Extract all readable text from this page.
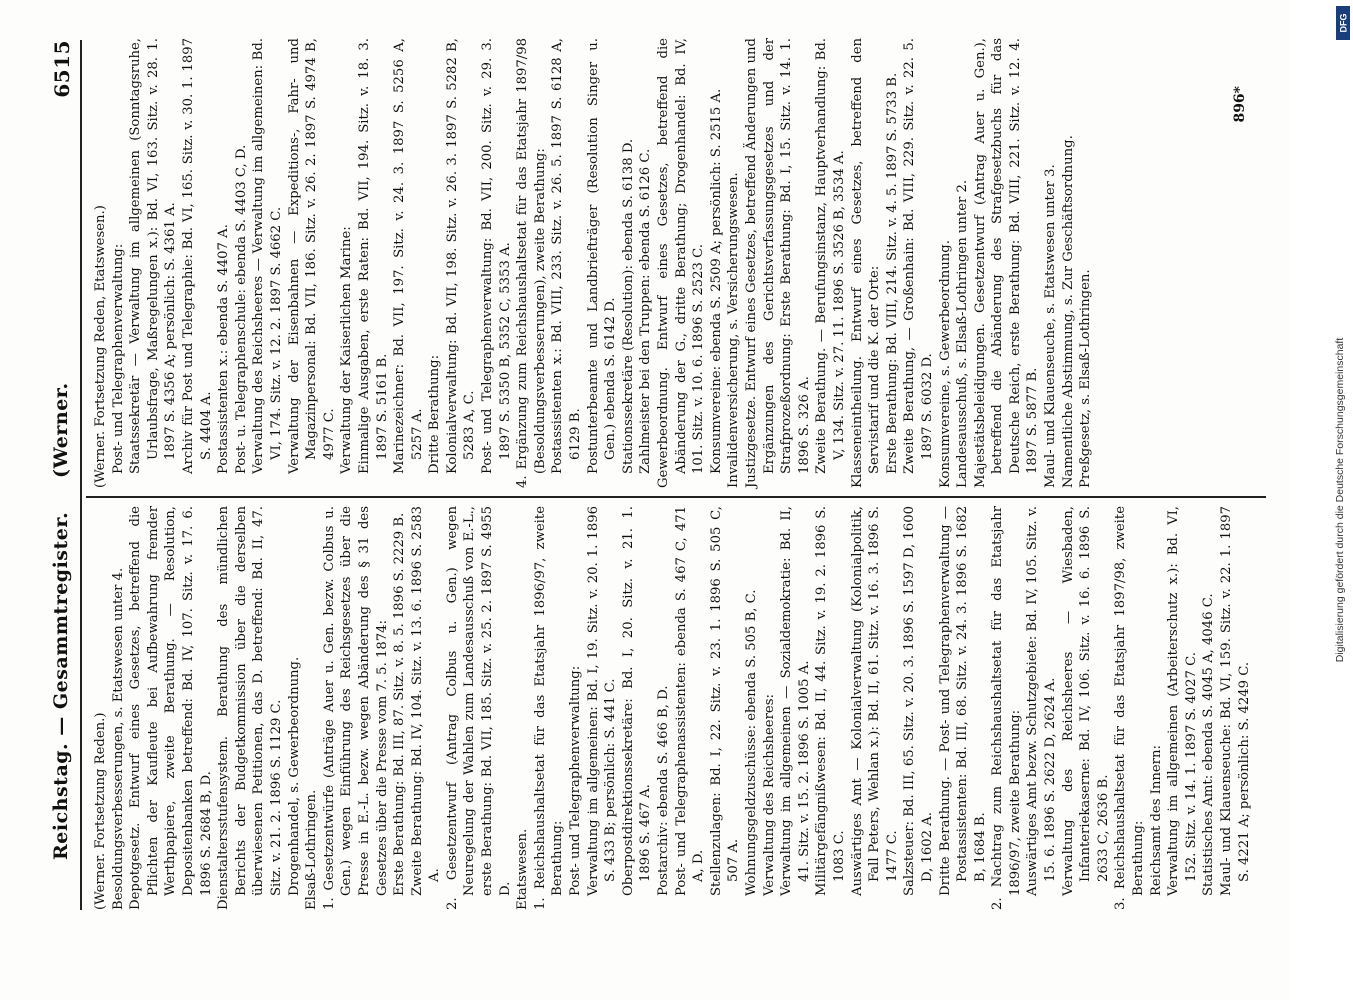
Reichstag. — Gesammtregister.
(Werner.
6515

(Werner. Fortsetzung Reden.) Besoldungsverbesserungen, s. Etatswesen unter 4. Depotgesetz. Entwurf eines Gesetzes, betreffend die Pflichten der Kaufleute bei Aufbewahrung fremder Werthpapiere, zweite Berathung. — Resolution, Depositenbanken betreffend: Bd. IV, 107. Sitz. v. 17. 6. 1896 S. 2684 B, D. Dienstaltersstufensystem. Berathung des mündlichen Berichts der Budgetkommission über die derselben überwiesenen Petitionen, das D. betreffend: Bd. II, 47. Sitz. v. 21. 2. 1896 S. 1129 C. Drogenhandel, s. Gewerbeordnung. Elsaß-Lothringen. 1. Gesetzentwürfe (Anträge Auer u. Gen. bezw. Colbus u. Gen.) wegen Einführung des Reichsgesetzes über die Presse in E.-L. bezw. wegen Abänderung des § 31 des Gesetzes über die Presse vom 7. 5. 1874: Erste Berathung: Bd. III, 87. Sitz. v. 8. 5. 1896 S. 2229 B. Zweite Berathung: Bd. IV, 104. Sitz. v. 13. 6. 1896 S. 2583 A. 2. Gesetzentwurf (Antrag Colbus u. Gen.) wegen Neuregelung der Wahlen zum Landesausschuß von E.-L., erste Berathung: Bd. VII, 185. Sitz. v. 25. 2. 1897 S. 4955 D. Etatswesen. 1. Reichshaushaltsetat für das Etatsjahr 1896/97, zweite Berathung: Post- und Telegraphenverwaltung: Verwaltung im allgemeinen: Bd. I, 19. Sitz. v. 20. 1. 1896 S. 433 B; persönlich: S. 441 C. Oberpostdirektionssekretäre: Bd. I, 20. Sitz. v. 21. 1. 1896 S. 467 A. Postarchiv: ebenda S. 466 B, D. Post- und Telegraphenassistenten: ebenda S. 467 C, 471 A, D. Stellenzulagen: Bd. I, 22. Sitz. v. 23. 1. 1896 S. 505 C, 507 A. Wohnungsgeldzuschüsse: ebenda S. 505 B, C. Verwaltung des Reichsheeres: Verwaltung im allgemeinen — Sozialdemokratie: Bd. II, 41. Sitz. v. 15. 2. 1896 S. 1005 A. Militärgefängnißwesen: Bd. II, 44. Sitz. v. 19. 2. 1896 S. 1083 C. Auswärtiges Amt — Kolonialverwaltung (Kolonialpolitik, Fall Peters, Wehlan x.): Bd. II, 61. Sitz. v. 16. 3. 1896 S. 1477 C. Salzsteuer: Bd. III, 65. Sitz. v. 20. 3. 1896 S. 1597 D, 1600 D, 1602 A. Dritte Berathung. — Post- und Telegraphenverwaltung — Postassistenten: Bd. III, 68. Sitz. v. 24. 3. 1896 S. 1682 B, 1684 B. 2. Nachtrag zum Reichshaushaltsetat für das Etatsjahr 1896/97, zweite Berathung: Auswärtiges Amt bezw. Schutzgebiete: Bd. IV, 105. Sitz. v. 15. 6. 1896 S. 2622 D, 2624 A. Verwaltung des Reichsheeres — Wiesbaden, Infanteriekaserne: Bd. IV, 106. Sitz. v. 16. 6. 1896 S. 2633 C, 2636 B. 3. Reichshaushaltsetat für das Etatsjahr 1897/98, zweite Berathung: Reichsamt des Innern: Verwaltung im allgemeinen (Arbeiterschutz x.): Bd. VI, 152. Sitz. v. 14. 1. 1897 S. 4027 C. Statistisches Amt: ebenda S. 4045 A, 4046 C. Maul- und Klauenseuche: Bd. VI, 159. Sitz. v. 22. 1. 1897 S. 4221 A; persönlich: S. 4249 C.

(Werner. Fortsetzung Reden, Etatswesen.) Post- und Telegraphenverwaltung: Staatssekretär — Verwaltung im allgemeinen (Sonntagsruhe, Urlaubsfrage, Maßregelungen x.): Bd. VI, 163. Sitz. v. 28. 1. 1897 S. 4356 A; persönlich: S. 4361 A. Archiv für Post und Telegraphie: Bd. VI, 165. Sitz. v. 30. 1. 1897 S. 4404 A. Postassistenten x.: ebenda S. 4407 A. Post- u. Telegraphenschule: ebenda S. 4403 C, D. Verwaltung des Reichsheeres — Verwaltung im allgemeinen: Bd. VI, 174. Sitz. v. 12. 2. 1897 S. 4662 C. Verwaltung der Eisenbahnen — Expeditions-, Fahr- und Magazinpersonal: Bd. VII, 186. Sitz. v. 26. 2. 1897 S. 4974 B, 4977 C. Verwaltung der Kaiserlichen Marine: Einmalige Ausgaben, erste Raten: Bd. VII, 194. Sitz. v. 18. 3. 1897 S. 5161 B. Marinezeichner: Bd. VII, 197. Sitz. v. 24. 3. 1897 S. 5256 A, 5257 A. Dritte Berathung: Kolonialverwaltung: Bd. VII, 198. Sitz. v. 26. 3. 1897 S. 5282 B, 5283 A, C. Post- und Telegraphenverwaltung: Bd. VII, 200. Sitz. v. 29. 3. 1897 S. 5350 B, 5352 C, 5353 A. 4. Ergänzung zum Reichshaushaltsetat für das Etatsjahr 1897/98 (Besoldungsverbesserungen), zweite Berathung: Postassistenten x.: Bd. VIII, 233. Sitz. v. 26. 5. 1897 S. 6128 A, 6129 B. Postunterbeamte und Landbriefträger (Resolution Singer u. Gen.) ebenda S. 6142 D. Stationssekretäre (Resolution): ebenda S. 6138 D. Zahlmeister bei den Truppen: ebenda S. 6126 C. Gewerbeordnung. Entwurf eines Gesetzes, betreffend die Abänderung der G., dritte Berathung; Drogenhandel: Bd. IV, 101. Sitz. v. 10. 6. 1896 S. 2523 C. Konsumvereine: ebenda S. 2509 A; persönlich: S. 2515 A. Invalidenversicherung, s. Versicherungswesen. Justizgesetze. Entwurf eines Gesetzes, betreffend Änderungen und Ergänzungen des Gerichtsverfassungsgesetzes und der Strafprozeßordnung: Erste Berathung: Bd. I, 15. Sitz. v. 14. 1. 1896 S. 326 A. Zweite Berathung. — Berufungsinstanz, Hauptverhandlung: Bd. V, 134. Sitz. v. 27. 11. 1896 S. 3526 B, 3534 A. Klasseneintheilung. Entwurf eines Gesetzes, betreffend den Servistarif und die K. der Orte: Erste Berathung: Bd. VIII, 214. Sitz. v. 4. 5. 1897 S. 5733 B. Zweite Berathung, — Großenhain: Bd. VIII, 229. Sitz. v. 22. 5. 1897 S. 6032 D. Konsumvereine, s. Gewerbeordnung. Landesausschuß, s. Elsaß-Lothringen unter 2. Majestätsbeleidigungen. Gesetzentwurf (Antrag Auer u. Gen.), betreffend die Abänderung des Strafgesetzbuchs für das Deutsche Reich, erste Berathung: Bd. VIII, 221. Sitz. v. 12. 4. 1897 S. 5877 B. Maul- und Klauenseuche, s. Etatswesen unter 3. Namentliche Abstimmung, s. Zur Geschäftsordnung. Preßgesetz, s. Elsaß-Lothringen.

896*
Digitalisierung gefördert durch die Deutsche Forschungsgemeinschaft
DFG
